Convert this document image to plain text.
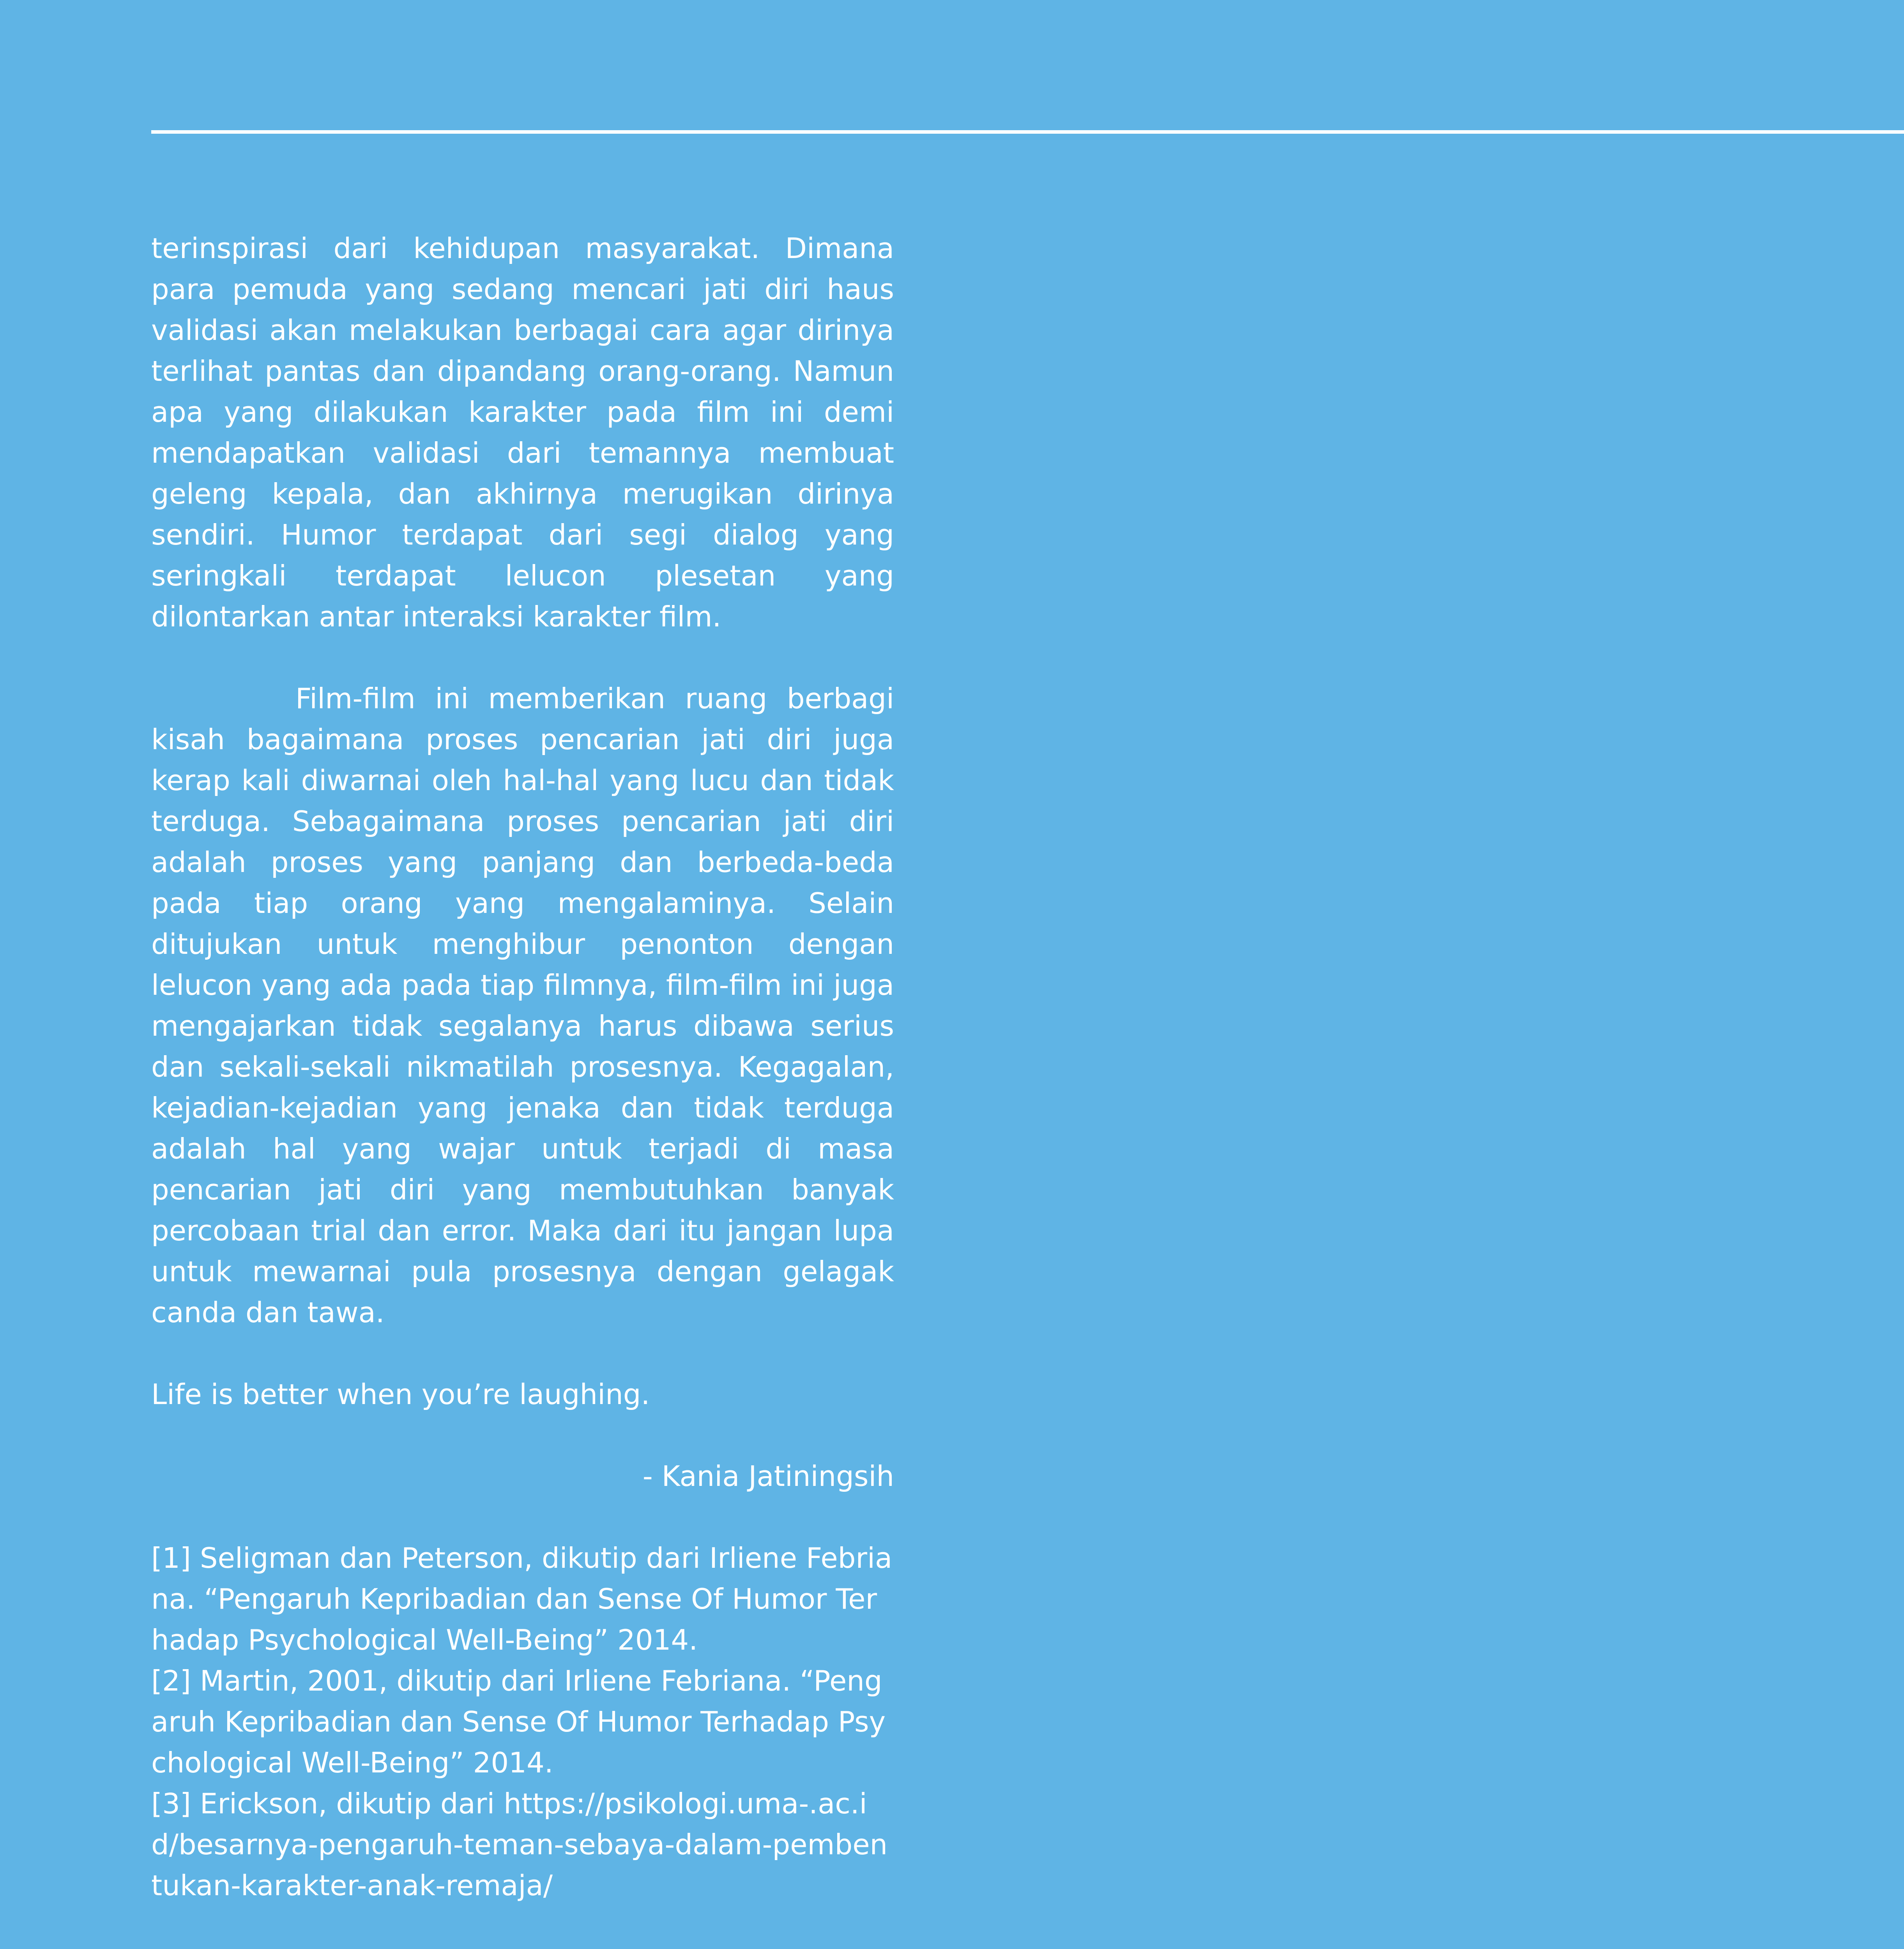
terinspirasi dari kehidupan masyarakat. Dimana para pemuda yang sedang mencari jati diri haus validasi akan melakukan berbagai cara agar dirinya terlihat pantas dan dipandang orang-orang. Namun apa yang dilakukan karakter pada film ini demi mendapatkan validasi dari temannya membuat geleng kepala, dan akhirnya merugikan dirinya sendiri. Humor terdapat dari segi dialog yang seringkali terdapat lelucon plesetan yang dilontarkan antar interaksi karakter film.

Film-film ini memberikan ruang berbagi kisah bagaimana proses pencarian jati diri juga kerap kali diwarnai oleh hal-hal yang lucu dan tidak terduga. Sebagaimana proses pencarian jati diri adalah proses yang panjang dan berbeda-beda pada tiap orang yang mengalaminya. Selain ditujukan untuk menghibur penonton dengan lelucon yang ada pada tiap filmnya, film-film ini juga mengajarkan tidak segalanya harus dibawa serius dan sekali-sekali nikmatilah prosesnya. Kegagalan, kejadian-kejadian yang jenaka dan tidak terduga adalah hal yang wajar untuk terjadi di masa pencarian jati diri yang membutuhkan banyak percobaan trial dan error. Maka dari itu jangan lupa untuk mewarnai pula prosesnya dengan gelagak canda dan tawa.

Life is better when you’re laughing.

- Kania Jatiningsih

[1] Seligman dan Peterson, dikutip dari Irliene Febriana. “Pengaruh Kepribadian dan Sense Of Humor Terhadap Psychological Well-Being” 2014.
[2] Martin, 2001, dikutip dari Irliene Febriana. “Pengaruh Kepribadian dan Sense Of Humor Terhadap Psychological Well-Being” 2014.
[3] Erickson, dikutip dari https://psikologi.uma-.ac.id/besarnya-pengaruh-teman-sebaya-dalam-pembentukan-karakter-anak-remaja/
